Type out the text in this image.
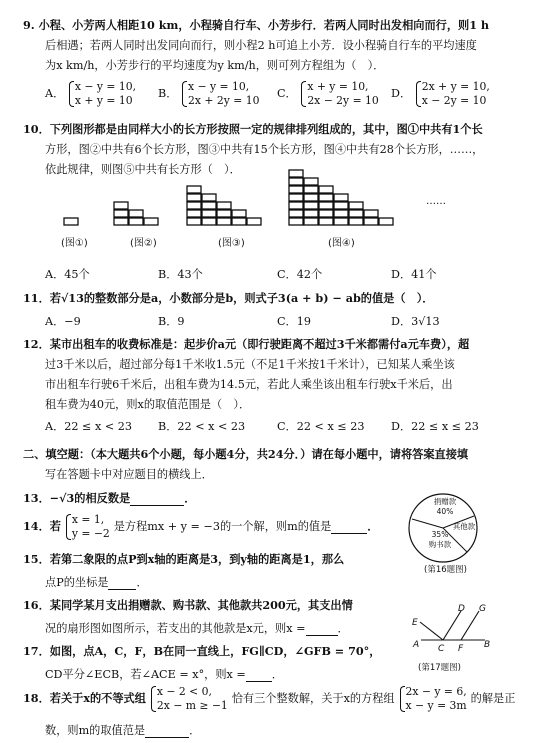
9. 小程、小芳两人相距10 km，小程骑自行车、小芳步行．若两人同时出发相向而行，则1 h
后相遇；若两人同时出发同向而行，则小程2 h可追上小芳．设小程骑自行车的平均速度
为x km/h，小芳步行的平均速度为y km/h，则可列方程组为（　）．
A． x − y = 10,
x + y = 10
B． x − y = 10,
2x + 2y = 10
C． x + y = 10,
2x − 2y = 10
D． 2x + y = 10,
x − 2y = 10
10．下列图形都是由同样大小的长方形按照一定的规律排列组成的，其中，图①中共有1个长
方形，图②中共有6个长方形，图③中共有15个长方形，图④中共有28个长方形，……，
依此规律，则图⑤中共有长方形（　）．
(图①)	(图②)	(图③)	(图④)
……
A．45个	B．43个	C．42个	D．41个
11．若√13的整数部分是a，小数部分是b，则式子3(a + b) − ab的值是（　）．
A．−9	B．9	C．19	D．3√13
12．某市出租车的收费标准是：起步价a元（即行驶距离不超过3千米都需付a元车费），超
过3千米以后，超过部分每1千米收1.5元（不足1千米按1千米计），已知某人乘坐该
市出租车行驶6千米后，出租车费为14.5元，若此人乘坐该出租车行驶x千米后，出
租车费为40元，则x的取值范围是（　）．
A．22 ≤ x < 23 B．22 < x < 23	C．22 < x ≤ 23 D．22 ≤ x ≤ 23
二、填空题：（本大题共6个小题，每小题4分，共24分．）请在每小题中，请将答案直接填
写在答题卡中对应题目的横线上．
13．−√3的相反数是	．
14．若 x = 1,
y = −2 是方程mx + y = −3的一个解，则m的值是	．
15．若第二象限的点P到x轴的距离是3，到y轴的距离是1，那么
点P的坐标是	．
16．某同学某月支出捐赠款、购书款、其他款共200元，其支出情
况的扇形图如图所示，若支出的其他款是x元，则x =	．
捐赠款
40%
其他款
35%
购书款
(第16题图)
17．如图，点A，C，F，B在同一直线上，FG∥CD，∠GFB = 70°，
CD平分∠ECB，若∠ACE = x°，则x = ．
E
D G
A C F B
(第17题图)
18．若关于x的不等式组 x − 2 < 0,
2x − m ≥ −1 恰有三个整数解，关于x的方程组 2x − y = 6,
x − y = 3m 的解是正
数，则m的取值范是	．
